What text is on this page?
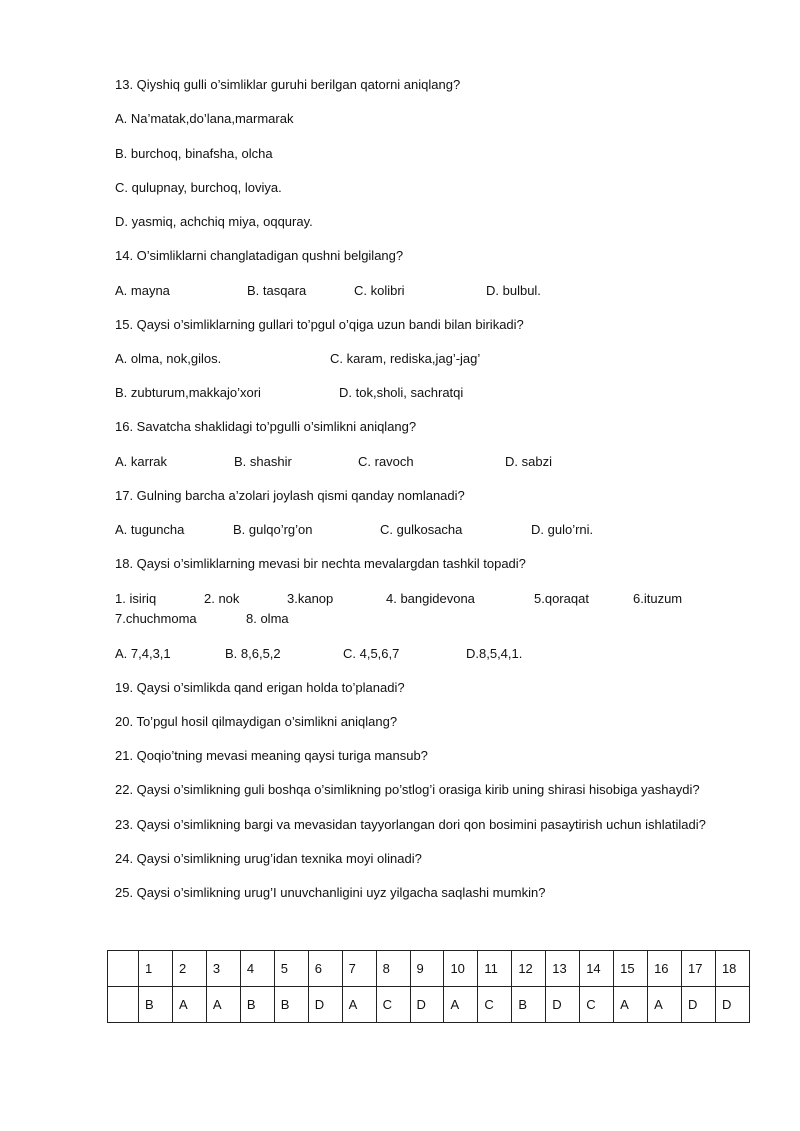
13. Qiyshiq gulli o’simliklar guruhi berilgan qatorni aniqlang?
A. Na’matak,do’lana,marmarak
B. burchoq, binafsha, olcha
C. qulupnay, burchoq, loviya.
D. yasmiq, achchiq miya, oqquray.
14. O’simliklarni changlatadigan qushni belgilang?
A. mayna	B. tasqara	C. kolibri	D. bulbul.
15. Qaysi o’simliklarning gullari to’pgul o’qiga uzun bandi bilan birikadi?
A. olma, nok,gilos.	C. karam, rediska,jag’-jag’
B. zubturum,makkajo’xori	D. tok,sholi, sachratqi
16. Savatcha shaklidagi to’pgulli o’simlikni aniqlang?
A. karrak	B. shashir	C. ravoch	D. sabzi
17. Gulning barcha a’zolari joylash qismi qanday nomlanadi?
A. tuguncha	B. gulqo’rg’on	C. gulkosacha	D. gulo’rni.
18. Qaysi o’simliklarning mevasi bir nechta mevalargdan tashkil topadi?
1. isiriq	2. nok	3.kanop	4. bangidevona	5.qoraqat	6.ituzum
7.chuchmoma	8. olma
A. 7,4,3,1	B. 8,6,5,2	C. 4,5,6,7	D.8,5,4,1.
19. Qaysi o’simlikda qand erigan holda to’planadi?
20. To’pgul hosil qilmaydigan o’simlikni aniqlang?
21. Qoqio’tning mevasi meaning qaysi turiga mansub?
22. Qaysi o’simlikning guli boshqa o’simlikning po’stlog’i orasiga kirib uning shirasi hisobiga yashaydi?
23. Qaysi o’simlikning bargi va mevasidan tayyorlangan dori qon bosimini pasaytirish uchun ishlatiladi?
24. Qaysi o’simlikning urug’idan texnika moyi olinadi?
25. Qaysi o’simlikning urug’I unuvchanligini uyz yilgacha saqlashi mumkin?
	1	2	3	4	5	6	7	8	9	10	11	12	13	14	15	16	17	18
	B	A	A	B	B	D	A	C	D	A	C	B	D	C	A	A	D	D
